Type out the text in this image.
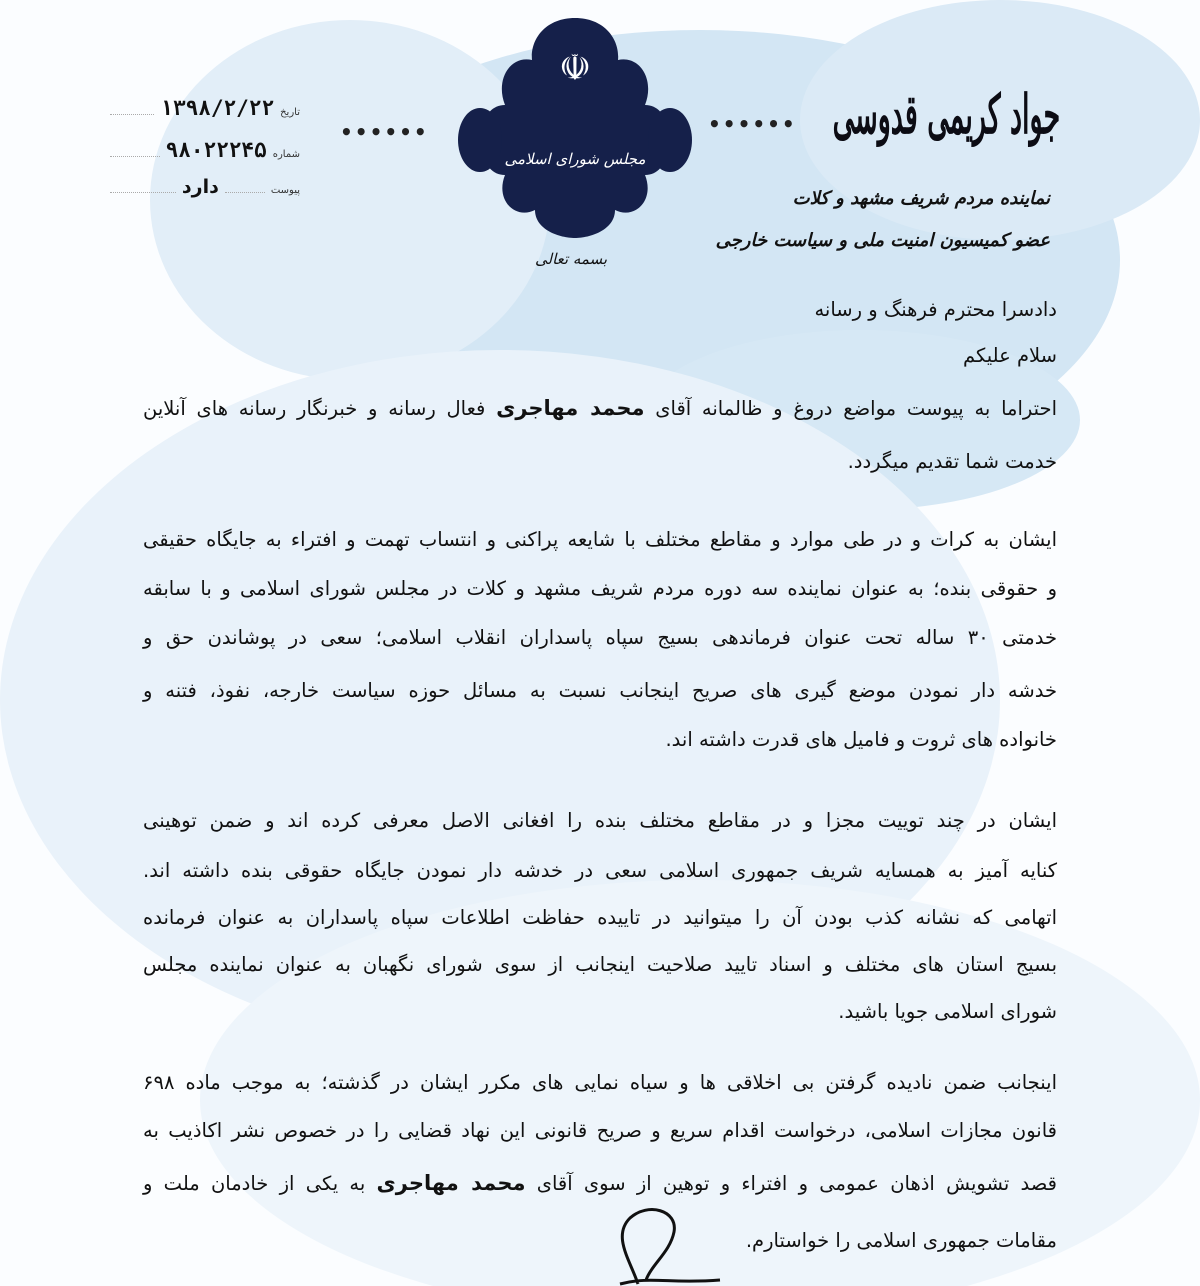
جواد کریمی قدوسی
••••••
••••••
نماینده مردم شریف مشهد و کلات
عضو کمیسیون امنیت ملی و سیاست خارجی
☫
مجلس شورای اسلامی
بسمه تعالی
تاریخ
۱۳۹۸/۲/۲۲
شماره
۹۸۰۲۲۲۴۵
پیوست
دارد
دادسرا محترم فرهنگ و رسانه
سلام علیکم
احتراما به پیوست مواضع دروغ و ظالمانه آقای محمد مهاجری فعال رسانه و خبرنگار رسانه های آنلاین
خدمت شما تقدیم میگردد.
ایشان به کرات و در طی موارد و مقاطع مختلف با شایعه پراکنی و انتساب تهمت و افتراء به جایگاه حقیقی
و حقوقی بنده؛ به عنوان نماینده سه دوره مردم شریف مشهد و کلات در مجلس شورای اسلامی و با سابقه
خدمتی ۳۰ ساله تحت عنوان فرماندهی بسیج سپاه پاسداران انقلاب اسلامی؛ سعی در پوشاندن حق و
خدشه دار نمودن موضع گیری های صریح اینجانب نسبت به مسائل حوزه سیاست خارجه، نفوذ، فتنه و
خانواده های ثروت و فامیل های قدرت داشته اند.
ایشان در چند توییت مجزا و در مقاطع مختلف بنده را افغانی الاصل معرفی کرده اند و ضمن توهینی
کنایه آمیز به همسایه شریف جمهوری اسلامی سعی در خدشه دار نمودن جایگاه حقوقی بنده داشته اند.
اتهامی که نشانه کذب بودن آن را میتوانید در تاییده حفاظت اطلاعات سپاه پاسداران به عنوان فرمانده
بسیج استان های مختلف و اسناد تایید صلاحیت اینجانب از سوی شورای نگهبان به عنوان نماینده مجلس
شورای اسلامی جویا باشید.
اینجانب ضمن نادیده گرفتن بی اخلاقی ها و سیاه نمایی های مکرر ایشان در گذشته؛ به موجب ماده ۶۹۸
قانون مجازات اسلامی، درخواست اقدام سریع و صریح قانونی این نهاد قضایی را در خصوص نشر اکاذیب به
قصد تشویش اذهان عمومی و افتراء و توهین از سوی آقای محمد مهاجری به یکی از خادمان ملت و
مقامات جمهوری اسلامی را خواستارم.
